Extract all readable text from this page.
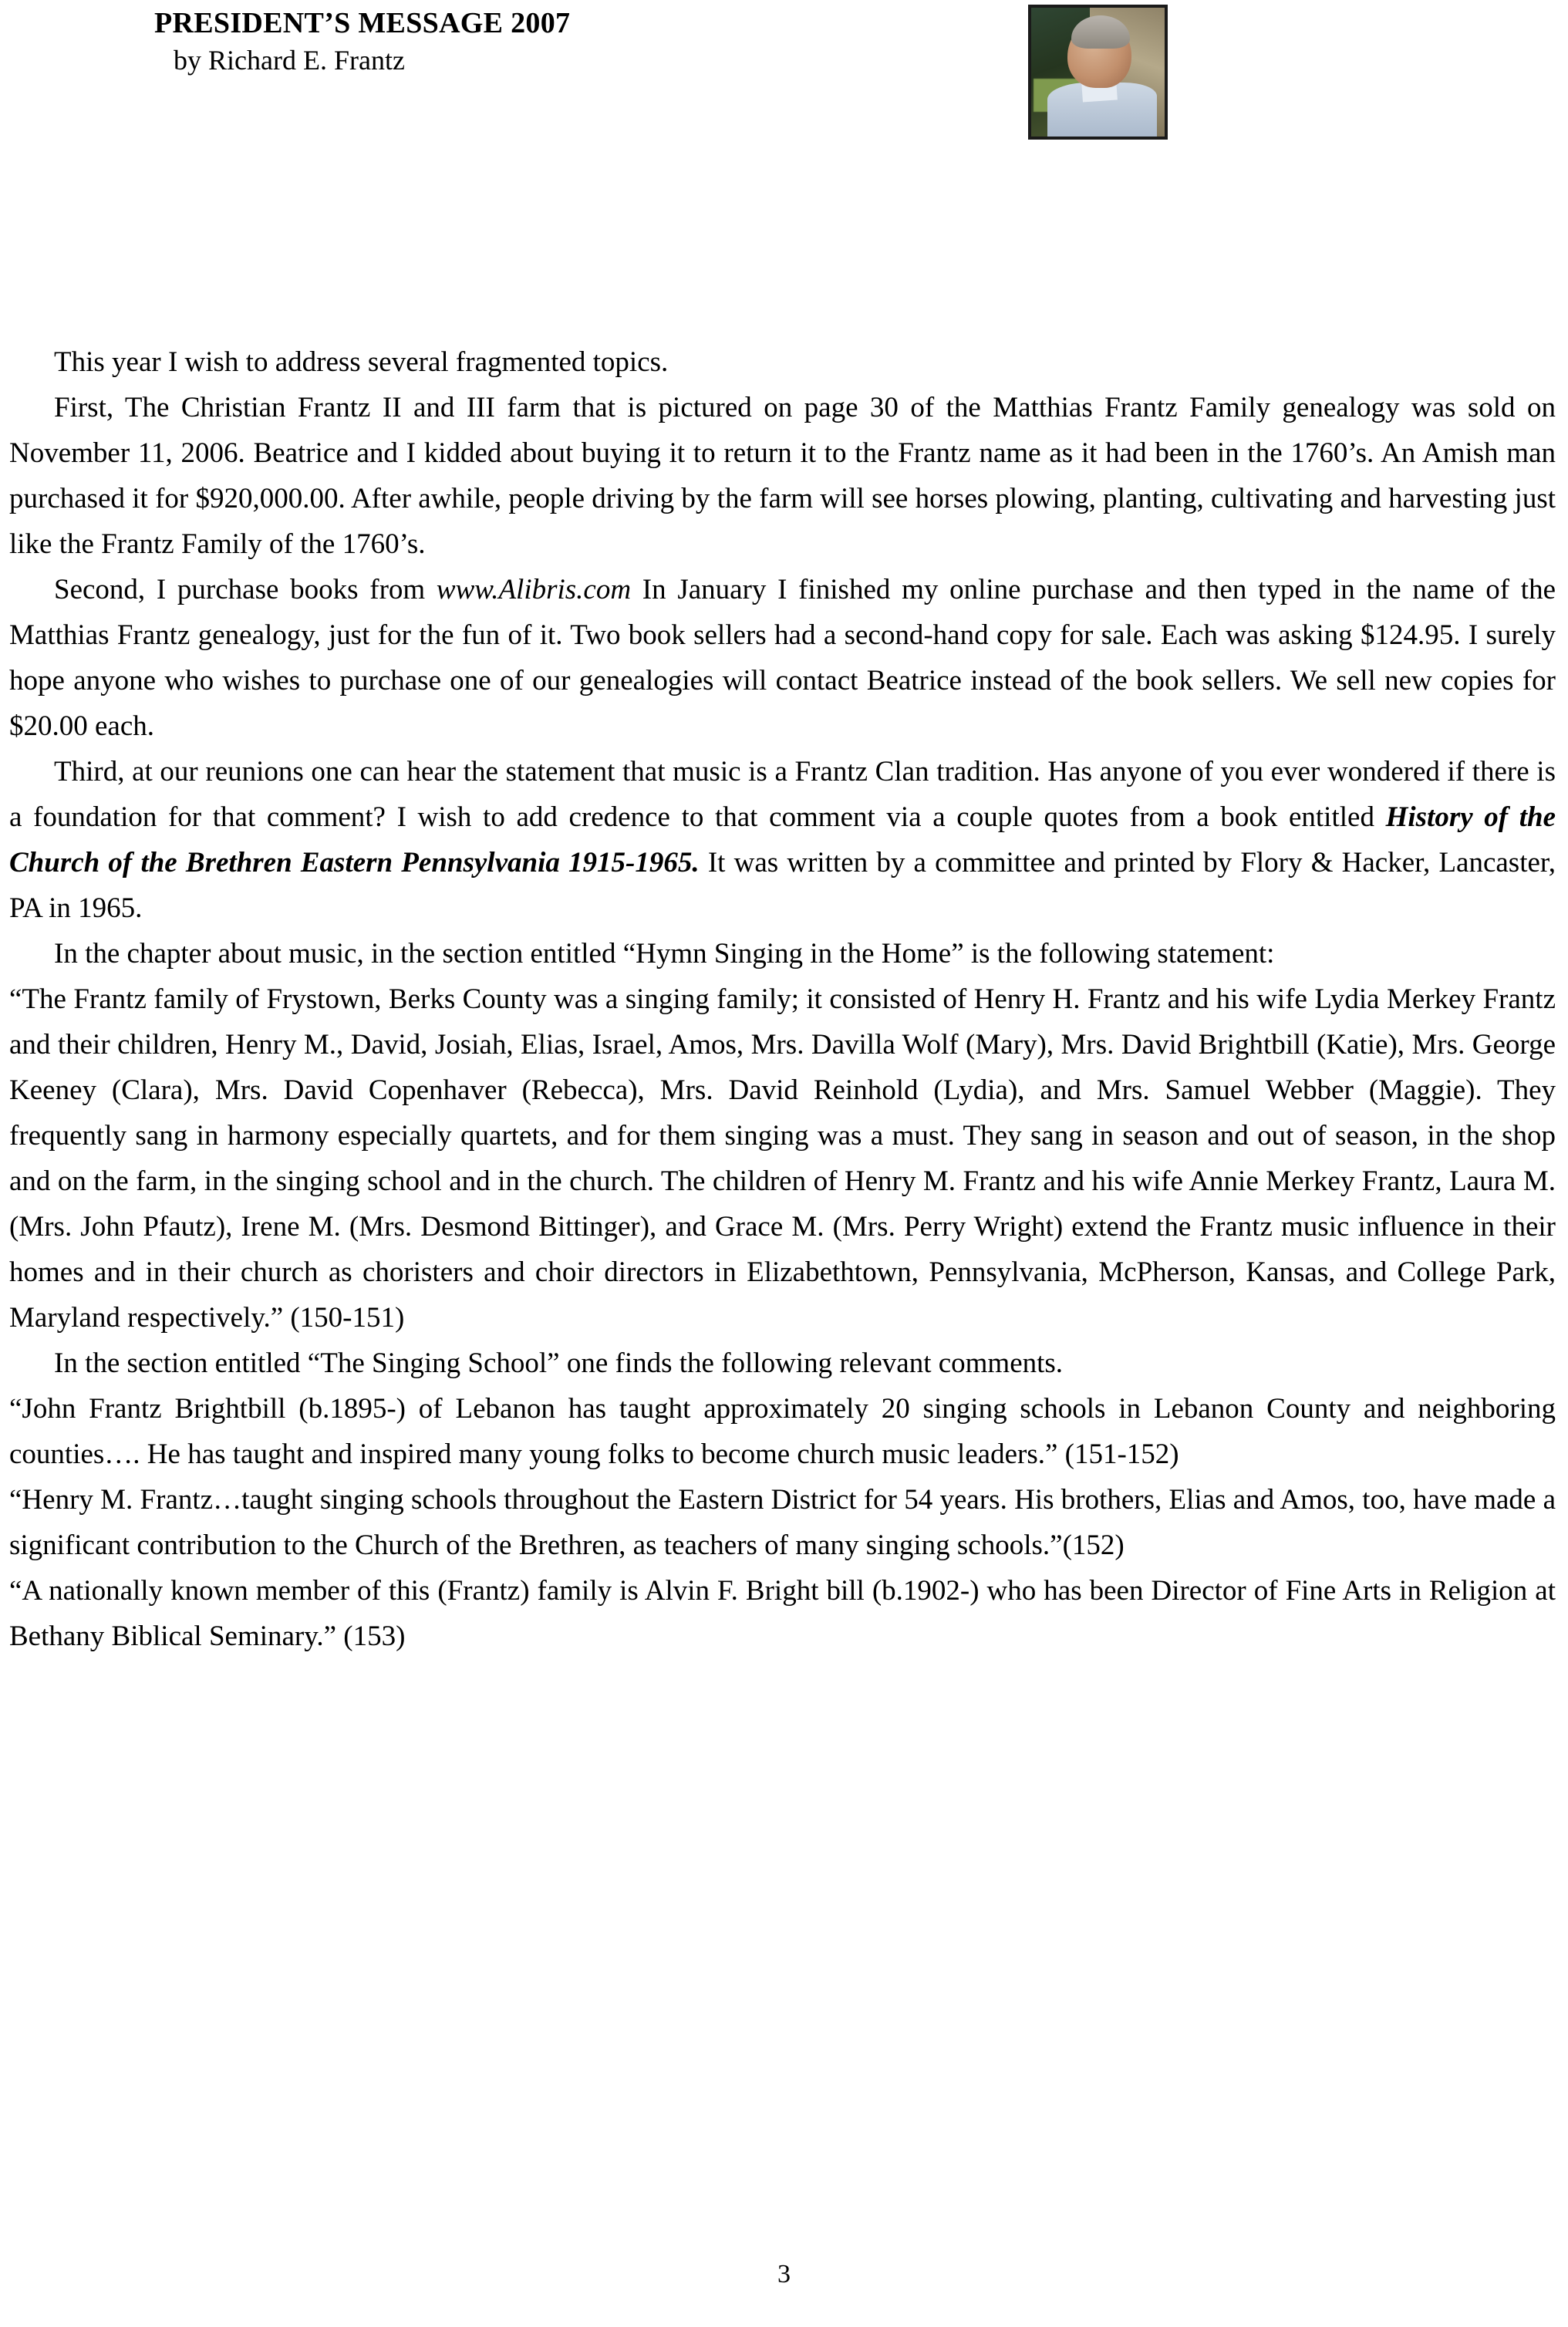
PRESIDENT’S MESSAGE 2007
by Richard E. Frantz

This year I wish to address several fragmented topics.

First, The Christian Frantz II and III farm that is pictured on page 30 of the Matthias Frantz Family genealogy was sold on November 11, 2006. Beatrice and I kidded about buying it to return it to the Frantz name as it had been in the 1760’s. An Amish man purchased it for $920,000.00. After awhile, people driving by the farm will see horses plowing, planting, cultivating and harvesting just like the Frantz Family of the 1760’s.

Second, I purchase books from www.Alibris.com In January I finished my online purchase and then typed in the name of the Matthias Frantz genealogy, just for the fun of it. Two book sellers had a second-hand copy for sale. Each was asking $124.95. I surely hope anyone who wishes to purchase one of our genealogies will contact Beatrice instead of the book sellers. We sell new copies for $20.00 each.

Third, at our reunions one can hear the statement that music is a Frantz Clan tradition. Has anyone of you ever wondered if there is a foundation for that comment? I wish to add credence to that comment via a couple quotes from a book entitled History of the Church of the Brethren Eastern Pennsylvania 1915-1965. It was written by a committee and printed by Flory & Hacker, Lancaster, PA in 1965.

In the chapter about music, in the section entitled “Hymn Singing in the Home” is the following statement:

“The Frantz family of Frystown, Berks County was a singing family; it consisted of Henry H. Frantz and his wife Lydia Merkey Frantz and their children, Henry M., David, Josiah, Elias, Israel, Amos, Mrs. Davilla Wolf (Mary), Mrs. David Brightbill (Katie), Mrs. George Keeney (Clara), Mrs. David Copenhaver (Rebecca), Mrs. David Reinhold (Lydia), and Mrs. Samuel Webber (Maggie). They frequently sang in harmony especially quartets, and for them singing was a must. They sang in season and out of season, in the shop and on the farm, in the singing school and in the church. The children of Henry M. Frantz and his wife Annie Merkey Frantz, Laura M. (Mrs. John Pfautz), Irene M. (Mrs. Desmond Bittinger), and Grace M. (Mrs. Perry Wright) extend the Frantz music influence in their homes and in their church as choristers and choir directors in Elizabethtown, Pennsylvania, McPherson, Kansas, and College Park, Maryland respectively.” (150-151)

In the section entitled “The Singing School” one finds the following relevant comments.

“John Frantz Brightbill (b.1895-) of Lebanon has taught approximately 20 singing schools in Lebanon County and neighboring counties…. He has taught and inspired many young folks to become church music leaders.” (151-152)

“Henry M. Frantz…taught singing schools throughout the Eastern District for 54 years. His brothers, Elias and Amos, too, have made a significant contribution to the Church of the Brethren, as teachers of many singing schools.”(152)

“A nationally known member of this (Frantz) family is Alvin F. Bright bill (b.1902-) who has been Director of Fine Arts in Religion at Bethany Biblical Seminary.” (153)

3
